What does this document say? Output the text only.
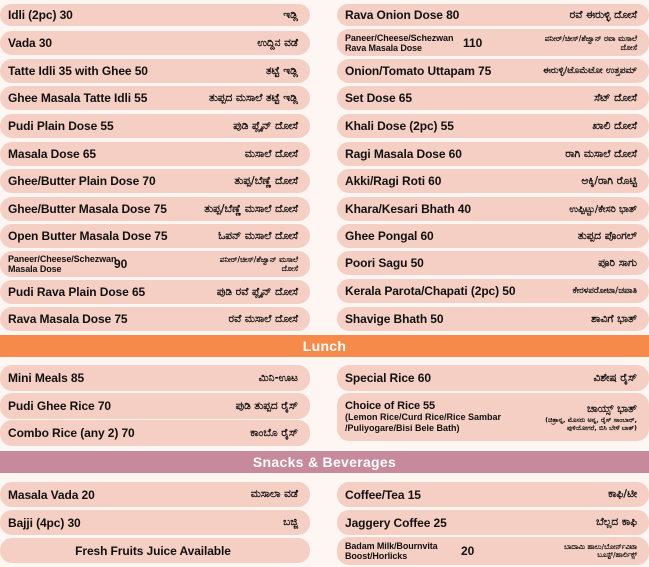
Idli (2pc) 30	ಇಡ್ಲಿ
Vada 30	ಉದ್ದಿನ ವಡೆ
Tatte Idli 35 with Ghee 50	ತಟ್ಟೆ ಇಡ್ಲಿ
Ghee Masala Tatte Idli 55	ತುಪ್ಪದ ಮಸಾಲೆ ತಟ್ಟೆ ಇಡ್ಲಿ
Pudi Plain Dose 55	ಪುಡಿ ಪ್ಲೈನ್ ದೋಸೆ
Masala Dose 65	ಮಸಾಲೆ ದೋಸೆ
Ghee/Butter Plain Dose 70	ತುಪ್ಪ/ಬೆಣ್ಣೆ ದೋಸೆ
Ghee/Butter Masala Dose 75	ತುಪ್ಪ/ಬೆಣ್ಣೆ ಮಸಾಲೆ ದೋಸೆ
Open Butter Masala Dose 75	ಓಪನ್ ಮಸಾಲೆ ದೋಸೆ
Paneer/Cheese/Schezwan Masala Dose	90	ಪನೀರ್/ಚೀಸ್/ಶೆಜ್ವಾನ್ ಮಸಾಲೆ ದೋಸೆ
Pudi Rava Plain Dose 65	ಪುಡಿ ರವೆ ಪ್ಲೈನ್ ದೋಸೆ
Rava Masala Dose 75	ರವೆ ಮಸಾಲೆ ದೋಸೆ
Rava Onion Dose 80	ರವೆ ಈರುಳ್ಳಿ ದೋಸೆ
Paneer/Cheese/Schezwan Rava Masala Dose	110	ಪನೀರ್/ಚೀಸ್/ಶೆಜ್ವಾನ್ ರವಾ ಮಸಾಲೆ ದೋಸೆ
Onion/Tomato Uttapam 75	ಈರುಳ್ಳಿ/ಟೊಮೆಟೋ ಉತ್ತಪಮ್
Set Dose 65	ಸೆಟ್ ದೋಸೆ
Khali Dose (2pc) 55	ಖಾಲಿ ದೋಸೆ
Ragi Masala Dose 60	ರಾಗಿ ಮಸಾಲೆ ದೋಸೆ
Akki/Ragi Roti 60	ಅಕ್ಕಿ/ರಾಗಿ ರೊಟ್ಟಿ
Khara/Kesari Bhath 40	ಉಪ್ಪಿಟ್ಟು/ಕೇಸರಿ ಭಾತ್
Ghee Pongal 60	ತುಪ್ಪದ ಪೊಂಗಲ್
Poori Sagu 50	ಪೂರಿ ಸಾಗು
Kerala Parota/Chapati (2pc) 50	ಕೇರಳಪರೋಟಾ/ಚಪಾತಿ
Shavige Bhath 50	ಶಾವಿಗೆ ಭಾತ್
Lunch
Mini Meals 85	ಮಿನಿ-ಊಟ
Pudi Ghee Rice 70	ಪುಡಿ ತುಪ್ಪದ ರೈಸ್
Combo Rice (any 2) 70	ಕಾಂಬೊ ರೈಸ್
Special Rice 60	ವಿಶೇಷ ರೈಸ್
Choice of Rice 55
(Lemon Rice/Curd Rice/Rice Sambar /Puliyogare/Bisi Bele Bath)
ಚಾಯ್ಸ್ ಭಾತ್
(ಚಿತ್ರಾನ್ನ, ಮೊಸರು ಅನ್ನ, ರೈಸ್ ಸಾಂಬಾರ್, ಪುಳಿಯೋಗರೆ, ಬಿಸಿ ಬೇಳೆ ಬಾತ್)
Snacks & Beverages
Masala Vada 20	ಮಸಾಲಾ ವಡೆ
Bajji (4pc) 30	ಬಜ್ಜಿ
Fresh Fruits Juice Available
Coffee/Tea 15	ಕಾಫಿ/ಟೀ
Jaggery Coffee 25	ಬೆಲ್ಲದ ಕಾಫಿ
Badam Milk/Bournvita Boost/Horlicks	20	ಬಾದಾಮಿ ಹಾಲು/ಬೋರ್ನ್‌ವಿಟಾ ಬೂಸ್ಟ್/ಹಾರ್ಲಿಕ್ಸ್
